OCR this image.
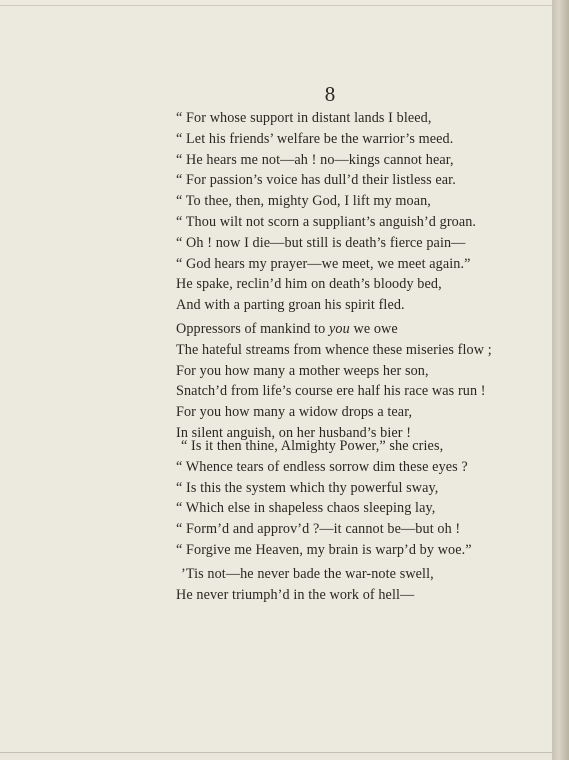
8
“ For whose support in distant lands I bleed,
“ Let his friends’ welfare be the warrior’s meed.
“ He hears me not—ah ! no—kings cannot hear,
“ For passion’s voice has dull’d their listless ear.
“ To thee, then, mighty God, I lift my moan,
“ Thou wilt not scorn a suppliant’s anguish’d groan.
“ Oh ! now I die—but still is death’s fierce pain—
“ God hears my prayer—we meet, we meet again.”
He spake, reclin’d him on death’s bloody bed,
And with a parting groan his spirit fled.
Oppressors of mankind to you we owe
The hateful streams from whence these miseries flow ;
For you how many a mother weeps her son,
Snatch’d from life’s course ere half his race was run !
For you how many a widow drops a tear,
In silent anguish, on her husband’s bier !
“ Is it then thine, Almighty Power,” she cries,
“ Whence tears of endless sorrow dim these eyes ?
“ Is this the system which thy powerful sway,
“ Which else in shapeless chaos sleeping lay,
“ Form’d and approv’d ?—it cannot be—but oh !
“ Forgive me Heaven, my brain is warp’d by woe.”
’Tis not—he never bade the war-note swell,
He never triumph’d in the work of hell—
